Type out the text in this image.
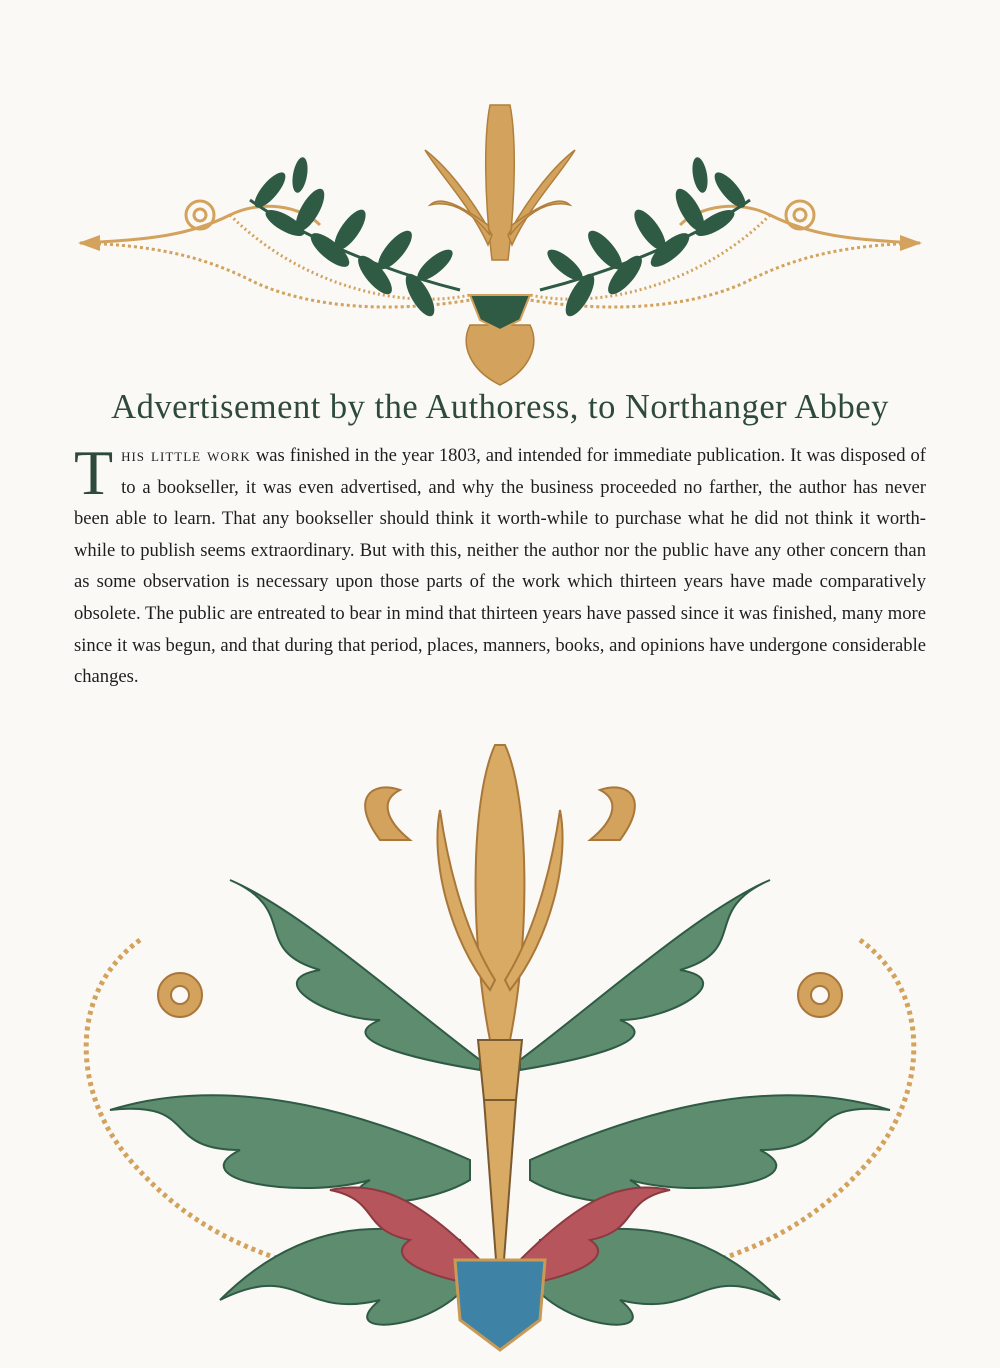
Advertisement by the Authoress, to Northanger Abbey
This little work was finished in the year 1803, and intended for immediate publication. It was disposed of to a bookseller, it was even advertised, and why the business proceeded no farther, the author has never been able to learn. That any bookseller should think it worth-while to purchase what he did not think it worth-while to publish seems extraordinary. But with this, neither the author nor the public have any other concern than as some observation is necessary upon those parts of the work which thirteen years have made comparatively obsolete. The public are entreated to bear in mind that thirteen years have passed since it was finished, many more since it was begun, and that during that period, places, manners, books, and opinions have undergone considerable changes.
